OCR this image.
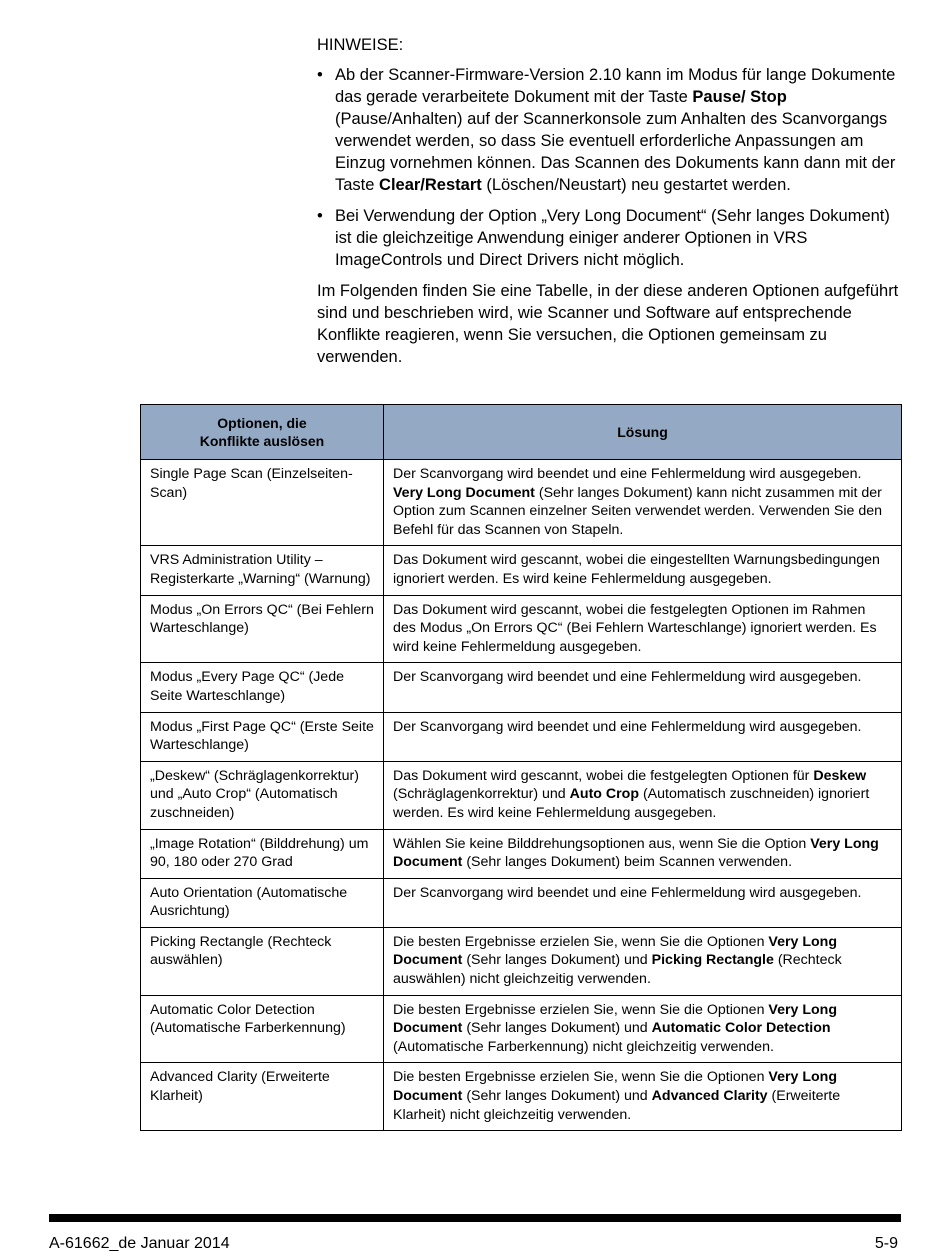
HINWEISE:
• Ab der Scanner-Firmware-Version 2.10 kann im Modus für lange Dokumente das gerade verarbeitete Dokument mit der Taste Pause/ Stop (Pause/Anhalten) auf der Scannerkonsole zum Anhalten des Scanvorgangs verwendet werden, so dass Sie eventuell erforderliche Anpassungen am Einzug vornehmen können. Das Scannen des Dokuments kann dann mit der Taste Clear/Restart (Löschen/Neustart) neu gestartet werden.
• Bei Verwendung der Option „Very Long Document“ (Sehr langes Dokument) ist die gleichzeitige Anwendung einiger anderer Optionen in VRS ImageControls und Direct Drivers nicht möglich.

Im Folgenden finden Sie eine Tabelle, in der diese anderen Optionen aufgeführt sind und beschrieben wird, wie Scanner und Software auf entsprechende Konflikte reagieren, wenn Sie versuchen, die Optionen gemeinsam zu verwenden.

Optionen, die
Konflikte auslösen	Lösung
Single Page Scan (Einzelseiten-Scan)	Der Scanvorgang wird beendet und eine Fehlermeldung wird ausgegeben. Very Long Document (Sehr langes Dokument) kann nicht zusammen mit der Option zum Scannen einzelner Seiten verwendet werden. Verwenden Sie den Befehl für das Scannen von Stapeln.
VRS Administration Utility – Registerkarte „Warning“ (Warnung)	Das Dokument wird gescannt, wobei die eingestellten Warnungsbedingungen ignoriert werden. Es wird keine Fehlermeldung ausgegeben.
Modus „On Errors QC“ (Bei Fehlern Warteschlange)	Das Dokument wird gescannt, wobei die festgelegten Optionen im Rahmen des Modus „On Errors QC“ (Bei Fehlern Warteschlange) ignoriert werden. Es wird keine Fehlermeldung ausgegeben.
Modus „Every Page QC“ (Jede Seite Warteschlange)	Der Scanvorgang wird beendet und eine Fehlermeldung wird ausgegeben.
Modus „First Page QC“ (Erste Seite Warteschlange)	Der Scanvorgang wird beendet und eine Fehlermeldung wird ausgegeben.
„Deskew“ (Schräglagenkorrektur) und „Auto Crop“ (Automatisch zuschneiden)	Das Dokument wird gescannt, wobei die festgelegten Optionen für Deskew (Schräglagenkorrektur) und Auto Crop (Automatisch zuschneiden) ignoriert werden. Es wird keine Fehlermeldung ausgegeben.
„Image Rotation“ (Bilddrehung) um 90, 180 oder 270 Grad	Wählen Sie keine Bilddrehungsoptionen aus, wenn Sie die Option Very Long Document (Sehr langes Dokument) beim Scannen verwenden.
Auto Orientation (Automatische Ausrichtung)	Der Scanvorgang wird beendet und eine Fehlermeldung wird ausgegeben.
Picking Rectangle (Rechteck auswählen)	Die besten Ergebnisse erzielen Sie, wenn Sie die Optionen Very Long Document (Sehr langes Dokument) und Picking Rectangle (Rechteck auswählen) nicht gleichzeitig verwenden.
Automatic Color Detection (Automatische Farberkennung)	Die besten Ergebnisse erzielen Sie, wenn Sie die Optionen Very Long Document (Sehr langes Dokument) und Automatic Color Detection (Automatische Farberkennung) nicht gleichzeitig verwenden.
Advanced Clarity (Erweiterte Klarheit)	Die besten Ergebnisse erzielen Sie, wenn Sie die Optionen Very Long Document (Sehr langes Dokument) und Advanced Clarity (Erweiterte Klarheit) nicht gleichzeitig verwenden.
A-61662_de Januar 2014	5-9
